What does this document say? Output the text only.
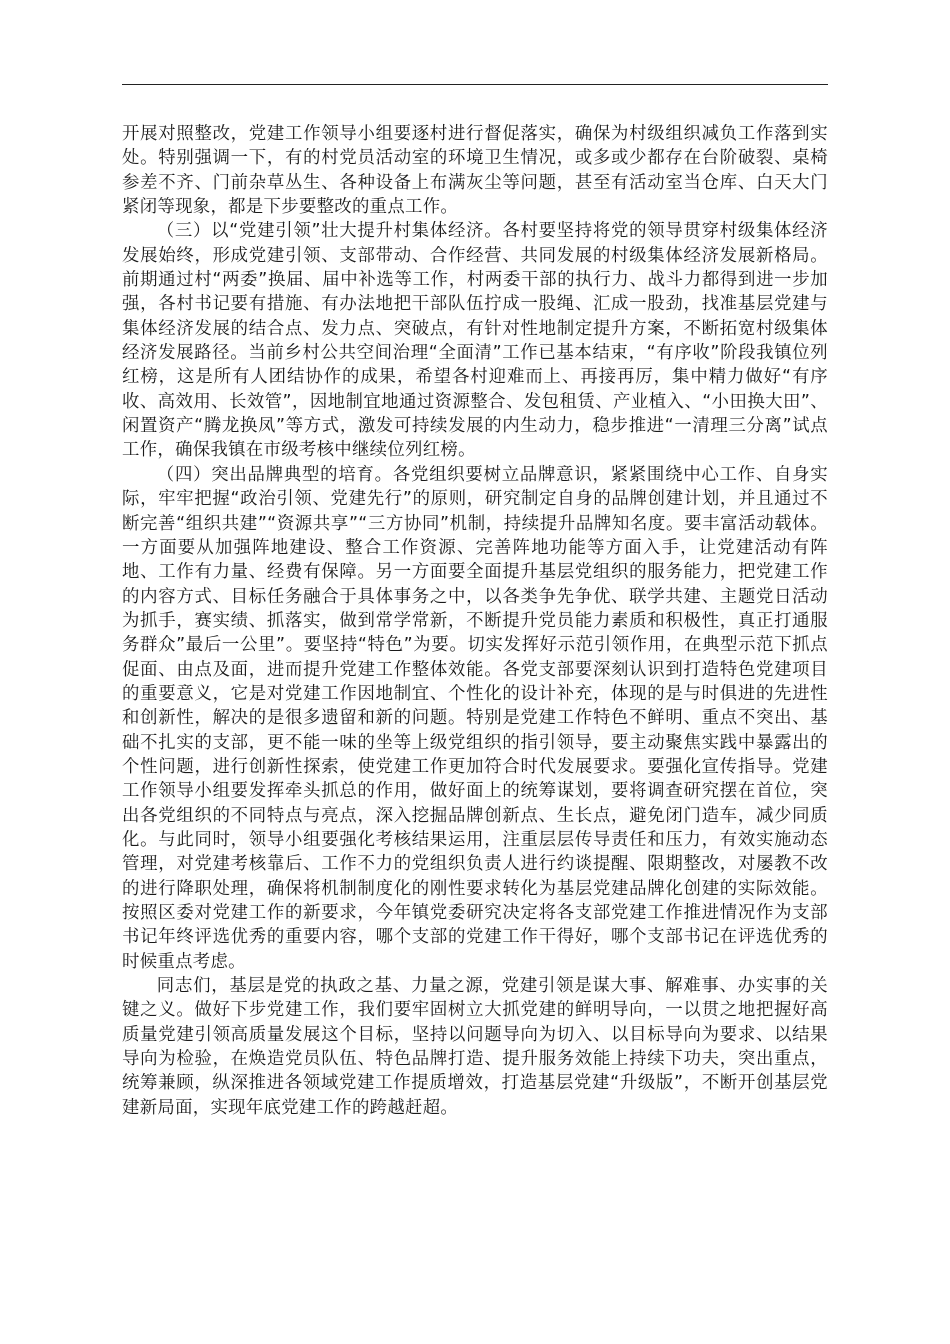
开展对照整改，党建工作领导小组要逐村进行督促落实，确保为村级组织减负工作落到实处。特别强调一下，有的村党员活动室的环境卫生情况，或多或少都存在台阶破裂、桌椅参差不齐、门前杂草丛生、各种设备上布满灰尘等问题，甚至有活动室当仓库、白天大门紧闭等现象，都是下步要整改的重点工作。

（三）以“党建引领”壮大提升村集体经济。各村要坚持将党的领导贯穿村级集体经济发展始终，形成党建引领、支部带动、合作经营、共同发展的村级集体经济发展新格局。前期通过村“两委”换届、届中补选等工作，村两委干部的执行力、战斗力都得到进一步加强，各村书记要有措施、有办法地把干部队伍拧成一股绳、汇成一股劲，找准基层党建与集体经济发展的结合点、发力点、突破点，有针对性地制定提升方案，不断拓宽村级集体经济发展路径。当前乡村公共空间治理“全面清”工作已基本结束，“有序收”阶段我镇位列红榜，这是所有人团结协作的成果，希望各村迎难而上、再接再厉，集中精力做好“有序收、高效用、长效管”，因地制宜地通过资源整合、发包租赁、产业植入、“小田换大田”、闲置资产“腾龙换凤”等方式，激发可持续发展的内生动力，稳步推进“一清理三分离”试点工作，确保我镇在市级考核中继续位列红榜。

（四）突出品牌典型的培育。各党组织要树立品牌意识，紧紧围绕中心工作、自身实际，牢牢把握“政治引领、党建先行”的原则，研究制定自身的品牌创建计划，并且通过不断完善“组织共建”“资源共享”“三方协同”机制，持续提升品牌知名度。要丰富活动载体。一方面要从加强阵地建设、整合工作资源、完善阵地功能等方面入手，让党建活动有阵地、工作有力量、经费有保障。另一方面要全面提升基层党组织的服务能力，把党建工作的内容方式、目标任务融合于具体事务之中，以各类争先争优、联学共建、主题党日活动为抓手，赛实绩、抓落实，做到常学常新，不断提升党员能力素质和积极性，真正打通服务群众”最后一公里”。要坚持“特色”为要。切实发挥好示范引领作用，在典型示范下抓点促面、由点及面，进而提升党建工作整体效能。各党支部要深刻认识到打造特色党建项目的重要意义，它是对党建工作因地制宜、个性化的设计补充，体现的是与时俱进的先进性和创新性，解决的是很多遗留和新的问题。特别是党建工作特色不鲜明、重点不突出、基础不扎实的支部，更不能一味的坐等上级党组织的指引领导，要主动聚焦实践中暴露出的个性问题，进行创新性探索，使党建工作更加符合时代发展要求。要强化宣传指导。党建工作领导小组要发挥牵头抓总的作用，做好面上的统筹谋划，要将调查研究摆在首位，突出各党组织的不同特点与亮点，深入挖掘品牌创新点、生长点，避免闭门造车，减少同质化。与此同时，领导小组要强化考核结果运用，注重层层传导责任和压力，有效实施动态管理，对党建考核靠后、工作不力的党组织负责人进行约谈提醒、限期整改，对屡教不改的进行降职处理，确保将机制制度化的刚性要求转化为基层党建品牌化创建的实际效能。按照区委对党建工作的新要求，今年镇党委研究决定将各支部党建工作推进情况作为支部书记年终评选优秀的重要内容，哪个支部的党建工作干得好，哪个支部书记在评选优秀的时候重点考虑。

同志们，基层是党的执政之基、力量之源，党建引领是谋大事、解难事、办实事的关键之义。做好下步党建工作，我们要牢固树立大抓党建的鲜明导向，一以贯之地把握好高质量党建引领高质量发展这个目标，坚持以问题导向为切入、以目标导向为要求、以结果导向为检验，在焕造党员队伍、特色品牌打造、提升服务效能上持续下功夫，突出重点，统筹兼顾，纵深推进各领域党建工作提质增效，打造基层党建“升级版”，不断开创基层党建新局面，实现年底党建工作的跨越赶超。
